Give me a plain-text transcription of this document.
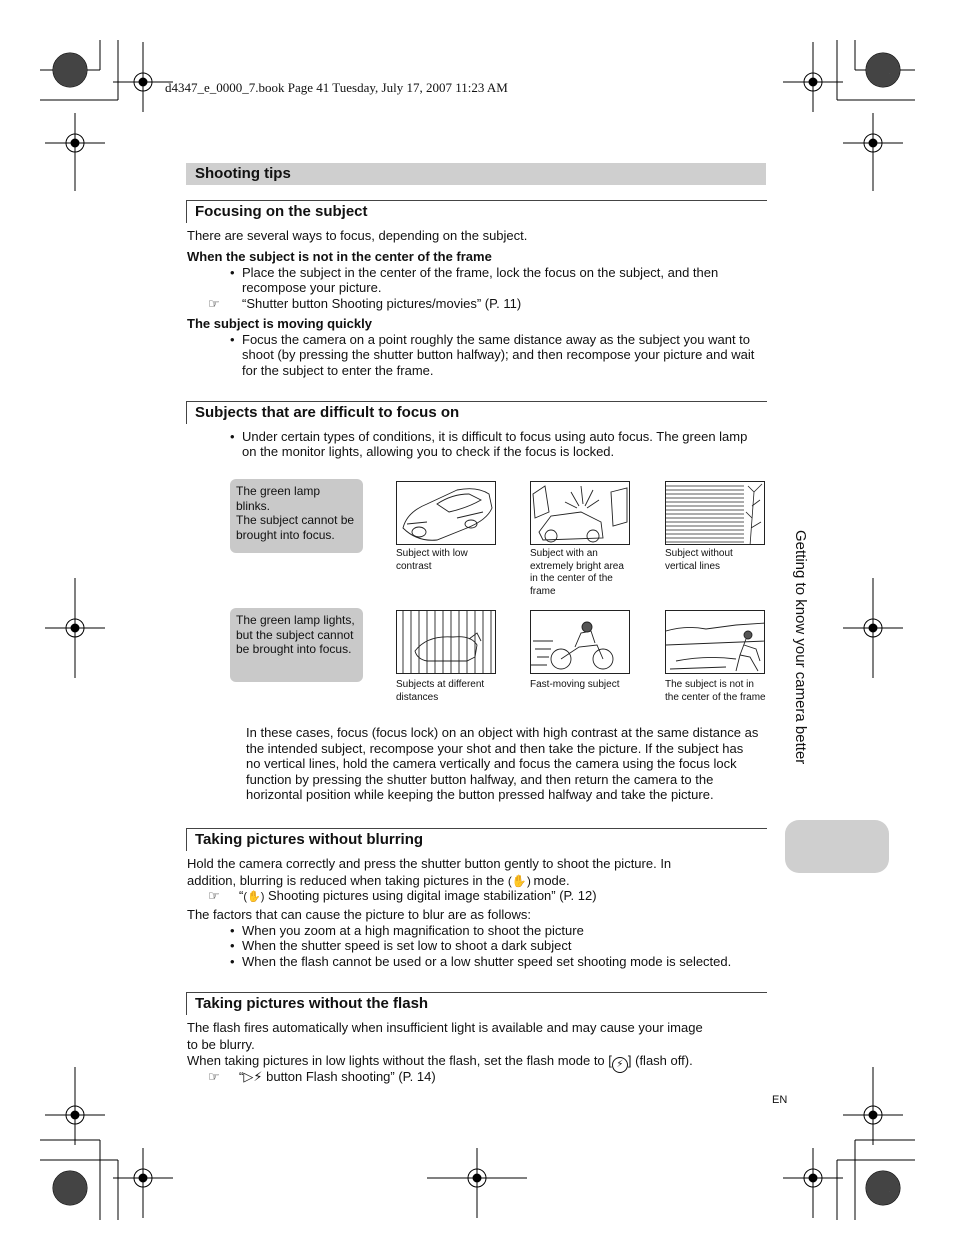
d4347_e_0000_7.book Page 41 Tuesday, July 17, 2007 11:23 AM
Shooting tips
Focusing on the subject
There are several ways to focus, depending on the subject.
When the subject is not in the center of the frame
• Place the subject in the center of the frame, lock the focus on the subject, and then
recompose your picture.
☞ “Shutter button Shooting pictures/movies” (P. 11)
The subject is moving quickly
• Focus the camera on a point roughly the same distance away as the subject you want to
shoot (by pressing the shutter button halfway); and then recompose your picture and wait
for the subject to enter the frame.
Subjects that are difficult to focus on
• Under certain types of conditions, it is difficult to focus using auto focus. The green lamp
on the monitor lights, allowing you to check if the focus is locked.
The green lamp
blinks.
The subject cannot be
brought into focus.
The green lamp lights,
but the subject cannot
be brought into focus.
Subject with low
contrast
Subject with an
extremely bright area
in the center of the
frame
Subject without
vertical lines
Subjects at different
distances
Fast-moving subject	The subject is not in
the center of the frame
In these cases, focus (focus lock) on an object with high contrast at the same distance as
the intended subject, recompose your shot and then take the picture. If the subject has
no vertical lines, hold the camera vertically and focus the camera using the focus lock
function by pressing the shutter button halfway, and then return the camera to the
horizontal position while keeping the button pressed halfway and take the picture.
Taking pictures without blurring
Hold the camera correctly and press the shutter button gently to shoot the picture. In
addition, blurring is reduced when taking pictures in the (✋) mode.
☞ “(✋) Shooting pictures using digital image stabilization” (P. 12)
The factors that can cause the picture to blur are as follows:
• When you zoom at a high magnification to shoot the picture
• When the shutter speed is set low to shoot a dark subject
• When the flash cannot be used or a low shutter speed set shooting mode is selected.
Taking pictures without the flash
The flash fires automatically when insufficient light is available and may cause your image
to be blurry.
When taking pictures in low lights without the flash, set the flash mode to [ ⚡ ] (flash off).
☞ “▷⚡ button Flash shooting” (P. 14)
Getting to know your camera better
EN
